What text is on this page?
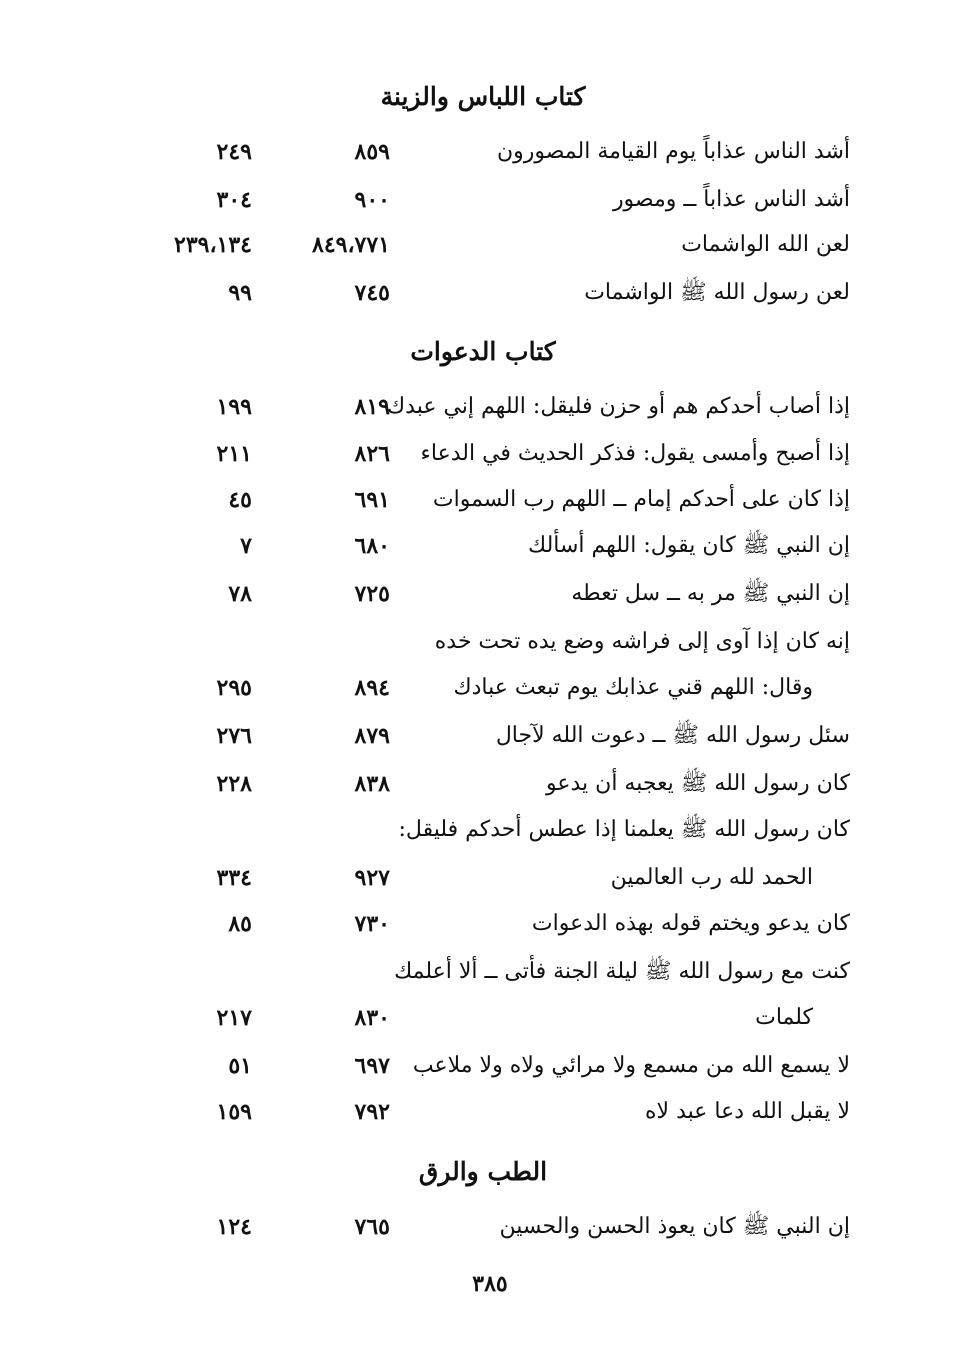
كتاب اللباس والزينة
أشد الناس عذاباً يوم القيامة المصورون
٨٥٩
٢٤٩
أشد الناس عذاباً ــ ومصور
٩٠٠
٣٠٤
لعن الله الواشمات
٨٤٩،٧٧١
٢٣٩،١٣٤
لعن رسول الله ﷺ الواشمات
٧٤٥
٩٩
كتاب الدعوات
إذا أصاب أحدكم هم أو حزن فليقل: اللهم إني عبدك
٨١٩
١٩٩
إذا أصبح وأمسى يقول: فذكر الحديث في الدعاء
٨٢٦
٢١١
إذا كان على أحدكم إمام ــ اللهم رب السموات
٦٩١
٤٥
إن النبي ﷺ كان يقول: اللهم أسألك
٦٨٠
٧
إن النبي ﷺ مر به ــ سل تعطه
٧٢٥
٧٨
إنه كان إذا آوى إلى فراشه وضع يده تحت خده
وقال: اللهم قني عذابك يوم تبعث عبادك
٨٩٤
٢٩٥
سئل رسول الله ﷺ ــ دعوت الله لآجال
٨٧٩
٢٧٦
كان رسول الله ﷺ يعجبه أن يدعو
٨٣٨
٢٢٨
كان رسول الله ﷺ يعلمنا إذا عطس أحدكم فليقل:
الحمد لله رب العالمين
٩٢٧
٣٣٤
كان يدعو ويختم قوله بهذه الدعوات
٧٣٠
٨٥
كنت مع رسول الله ﷺ ليلة الجنة فأتى ــ ألا أعلمك
كلمات
٨٣٠
٢١٧
لا يسمع الله من مسمع ولا مرائي ولاه ولا ملاعب
٦٩٧
٥١
لا يقبل الله دعا عبد لاه
٧٩٢
١٥٩
الطب والرق
إن النبي ﷺ كان يعوذ الحسن والحسين
٧٦٥
١٢٤
٣٨٥
